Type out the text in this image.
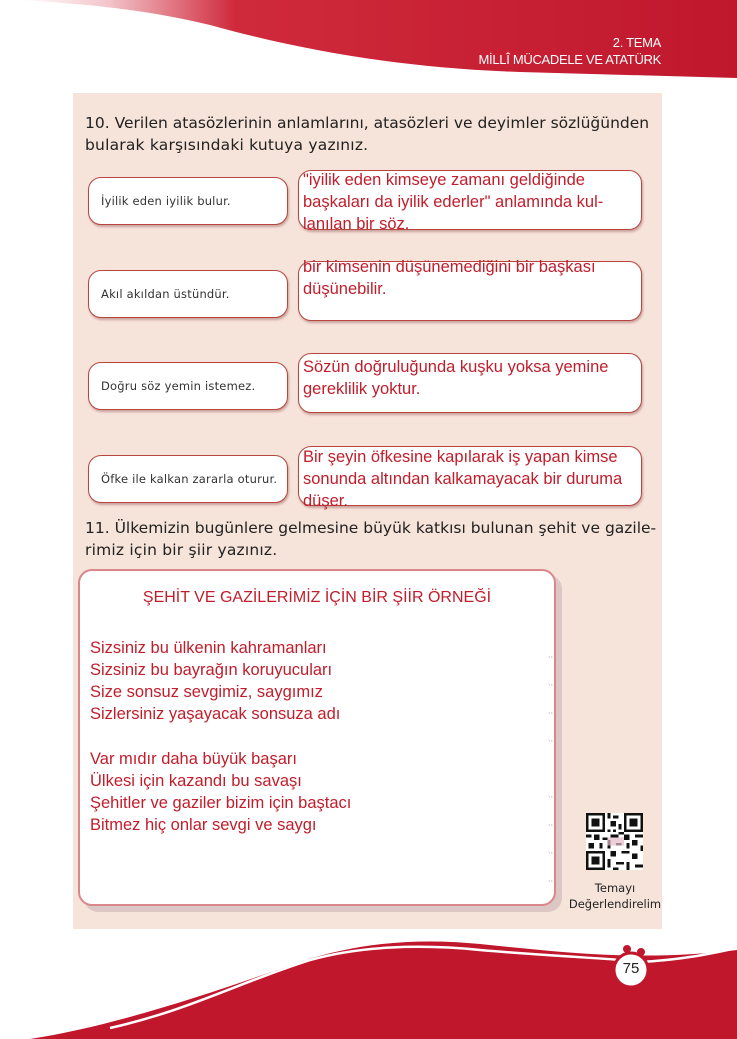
2. TEMA
MİLLÎ MÜCADELE VE ATATÜRK
10. Verilen atasözlerinin anlamlarını, atasözleri ve deyimler sözlüğünden
bularak karşısındaki kutuya yazınız.
İyilik eden iyilik bulur.
"iyilik eden kimseye zamanı geldiğinde
başkaları da iyilik ederler" anlamında kul-
lanılan bir söz.
Akıl akıldan üstündür.
bir kimsenin düşünemediğini bir başkası
düşünebilir.
Doğru söz yemin istemez.
Sözün doğruluğunda kuşku yoksa yemine
gereklilik yoktur.
Öfke ile kalkan zararla oturur.
Bir şeyin öfkesine kapılarak iş yapan kimse
sonunda altından kalkamayacak bir duruma
düşer.
11. Ülkemizin bugünlere gelmesine büyük katkısı bulunan şehit ve gazile-
rimiz için bir şiir yazınız.
ŞEHİT VE GAZİLERİMİZ İÇİN BİR ŞİİR ÖRNEĞİ
Sizsiniz bu ülkenin kahramanları
Sizsiniz bu bayrağın koruyucuları
Size sonsuz sevgimiz, saygımız
Sizlersiniz yaşayacak sonsuza adı
Var mıdır daha büyük başarı
Ülkesi için kazandı bu savaşı
Şehitler ve gaziler bizim için baştacı
Bitmez hiç onlar sevgi ve saygı
··
··
··
··
··
··
··
··	Temayı
Değerlendirelim
75
